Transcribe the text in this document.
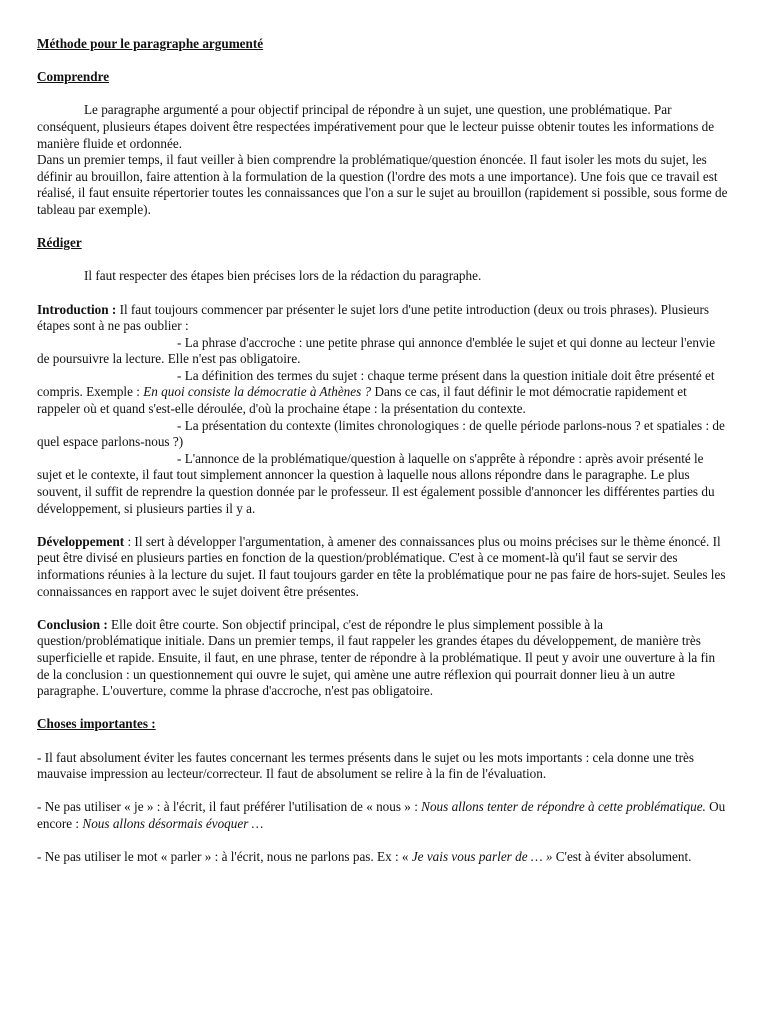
Méthode pour le paragraphe argumenté

Comprendre

Le paragraphe argumenté a pour objectif principal de répondre à un sujet, une question, une problématique. Par conséquent, plusieurs étapes doivent être respectées impérativement pour que le lecteur puisse obtenir toutes les informations de manière fluide et ordonnée.

Dans un premier temps, il faut veiller à bien comprendre la problématique/question énoncée. Il faut isoler les mots du sujet, les définir au brouillon, faire attention à la formulation de la question (l'ordre des mots a une importance). Une fois que ce travail est réalisé, il faut ensuite répertorier toutes les connaissances que l'on a sur le sujet au brouillon (rapidement si possible, sous forme de tableau par exemple).

Rédiger

Il faut respecter des étapes bien précises lors de la rédaction du paragraphe.

Introduction : Il faut toujours commencer par présenter le sujet lors d'une petite introduction (deux ou trois phrases). Plusieurs étapes sont à ne pas oublier :

- La phrase d'accroche : une petite phrase qui annonce d'emblée le sujet et qui donne au lecteur l'envie de poursuivre la lecture. Elle n'est pas obligatoire.

- La définition des termes du sujet : chaque terme présent dans la question initiale doit être présenté et compris. Exemple : En quoi consiste la démocratie à Athènes ? Dans ce cas, il faut définir le mot démocratie rapidement et rappeler où et quand s'est-elle déroulée, d'où la prochaine étape : la présentation du contexte.

- La présentation du contexte (limites chronologiques : de quelle période parlons-nous ? et spatiales : de quel espace parlons-nous ?)

- L'annonce de la problématique/question à laquelle on s'apprête à répondre : après avoir présenté le sujet et le contexte, il faut tout simplement annoncer la question à laquelle nous allons répondre dans le paragraphe. Le plus souvent, il suffit de reprendre la question donnée par le professeur. Il est également possible d'annoncer les différentes parties du développement, si plusieurs parties il y a.

Développement : Il sert à développer l'argumentation, à amener des connaissances plus ou moins précises sur le thème énoncé. Il peut être divisé en plusieurs parties en fonction de la question/problématique. C'est à ce moment-là qu'il faut se servir des informations réunies à la lecture du sujet. Il faut toujours garder en tête la problématique pour ne pas faire de hors-sujet. Seules les connaissances en rapport avec le sujet doivent être présentes.

Conclusion : Elle doit être courte. Son objectif principal, c'est de répondre le plus simplement possible à la question/problématique initiale. Dans un premier temps, il faut rappeler les grandes étapes du développement, de manière très superficielle et rapide. Ensuite, il faut, en une phrase, tenter de répondre à la problématique. Il peut y avoir une ouverture à la fin de la conclusion : un questionnement qui ouvre le sujet, qui amène une autre réflexion qui pourrait donner lieu à un autre paragraphe. L'ouverture, comme la phrase d'accroche, n'est pas obligatoire.

Choses importantes :

- Il faut absolument éviter les fautes concernant les termes présents dans le sujet ou les mots importants : cela donne une très mauvaise impression au lecteur/correcteur. Il faut de absolument se relire à la fin de l'évaluation.

- Ne pas utiliser « je » : à l'écrit, il faut préférer l'utilisation de « nous » : Nous allons tenter de répondre à cette problématique. Ou encore : Nous allons désormais évoquer …

- Ne pas utiliser le mot « parler » : à l'écrit, nous ne parlons pas. Ex : « Je vais vous parler de … » C'est à éviter absolument.
